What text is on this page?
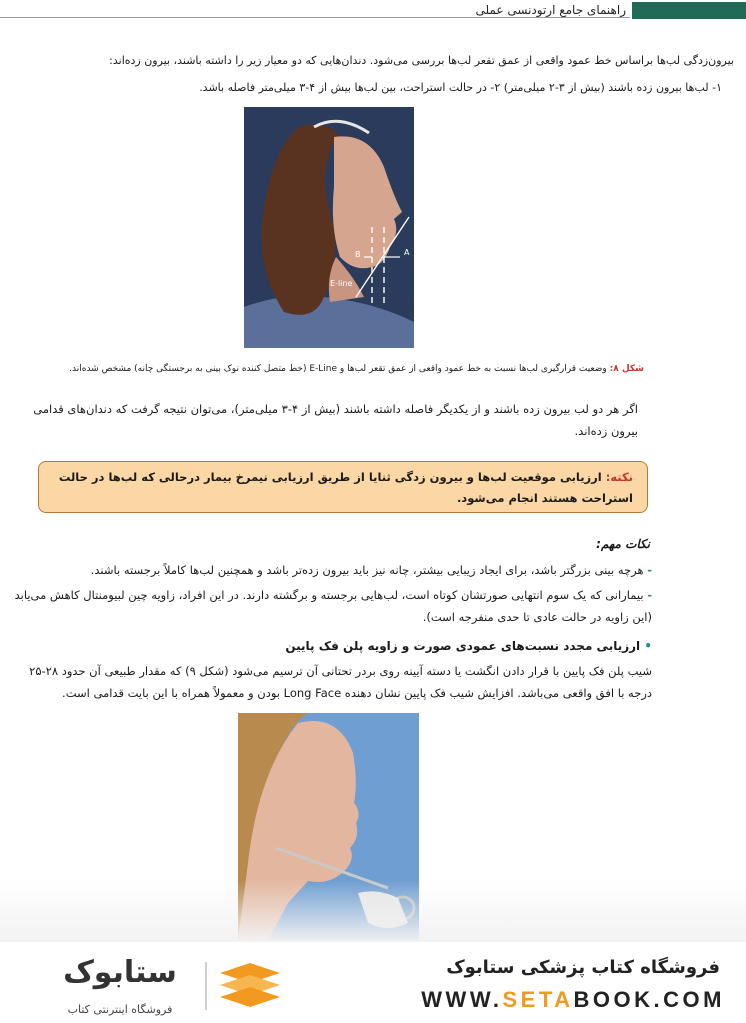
راهنمای جامع ارتودنسی عملی
بیرون‌زدگی لب‌ها براساس خط عمود واقعی از عمق تقعر لب‌ها بررسی می‌شود. دندان‌هایی که دو معیار زیر را داشته باشند، بیرون زده‌اند:
۱- لب‌ها بیرون زده باشند (بیش از ۳-۲ میلی‌متر) ۲- در حالت استراحت، بین لب‌ها بیش از ۴-۳ میلی‌متر فاصله باشد.
A
B
E-line
شکل ۸: وضعیت قرارگیری لب‌ها نسبت به خط عمود واقعی از عمق تقعر لب‌ها و E-Line (خط متصل کننده نوک بینی به برجستگی چانه) مشخص شده‌اند.
اگر هر دو لب بیرون زده باشند و از یکدیگر فاصله داشته باشند (بیش از ۴-۳ میلی‌متر)، می‌توان نتیجه گرفت که دندان‌های قدامی بیرون زده‌اند.
نکته: ارزیابی موقعیت لب‌ها و بیرون زدگی ثنایا از طریق ارزیابی نیمرخ بیمار درحالی که لب‌ها در حالت استراحت هستند انجام می‌شود.
نکات مهم:
- هرچه بینی بزرگتر باشد، برای ایجاد زیبایی بیشتر، چانه نیز باید بیرون زده‌تر باشد و همچنین لب‌ها کاملاً برجسته باشند.
- بیمارانی که یک سوم انتهایی صورتشان کوتاه است، لب‌هایی برجسته و برگشته دارند. در این افراد، زاویه چین لبیومنتال کاهش می‌یابد (این زاویه در حالت عادی تا حدی منفرجه است).
• ارزیابی مجدد نسبت‌های عمودی صورت و زاویه پلن فک پایین
شیب پلن فک پایین با قرار دادن انگشت یا دسته آیینه روی بردر تحتانی آن ترسیم می‌شود (شکل ۹) که مقدار طبیعی آن حدود ۲۸-۲۵ درجه با افق واقعی می‌باشد. افزایش شیب فک پایین نشان دهنده Long Face بودن و معمولاً همراه با این بایت قدامی است.
فروشگاه کتاب پزشکی ستابوک
WWW.SETABOOK.COM
ستابوک
فروشگاه اینترنتی کتاب
